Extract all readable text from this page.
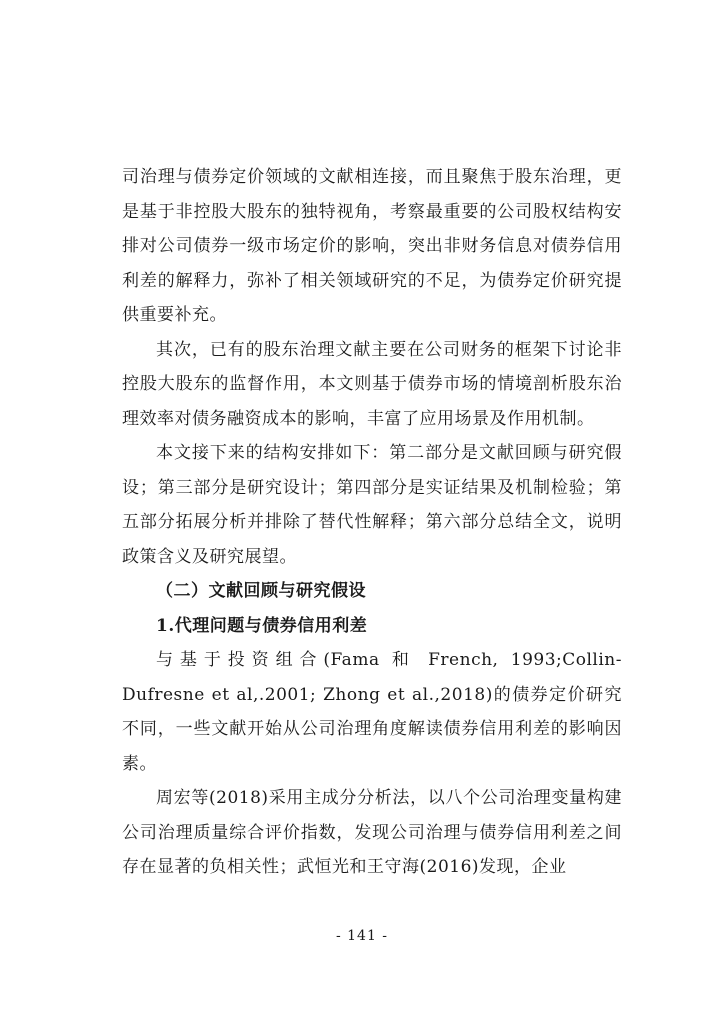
司治理与债券定价领域的文献相连接，而且聚焦于股东治理，更是基于非控股大股东的独特视角，考察最重要的公司股权结构安排对公司债券一级市场定价的影响，突出非财务信息对债券信用利差的解释力，弥补了相关领域研究的不足，为债券定价研究提供重要补充。

其次，已有的股东治理文献主要在公司财务的框架下讨论非控股大股东的监督作用，本文则基于债券市场的情境剖析股东治理效率对债务融资成本的影响，丰富了应用场景及作用机制。

本文接下来的结构安排如下：第二部分是文献回顾与研究假设；第三部分是研究设计；第四部分是实证结果及机制检验；第五部分拓展分析并排除了替代性解释；第六部分总结全文，说明政策含义及研究展望。

（二）文献回顾与研究假设

1.代理问题与债券信用利差

与基于投资组合(Fama 和 French, 1993;Collin-Dufresne et al,.2001; Zhong et al.,2018)的债券定价研究不同，一些文献开始从公司治理角度解读债券信用利差的影响因素。

周宏等(2018)采用主成分分析法，以八个公司治理变量构建公司治理质量综合评价指数，发现公司治理与债券信用利差之间存在显著的负相关性；武恒光和王守海(2016)发现，企业

- 141 -
